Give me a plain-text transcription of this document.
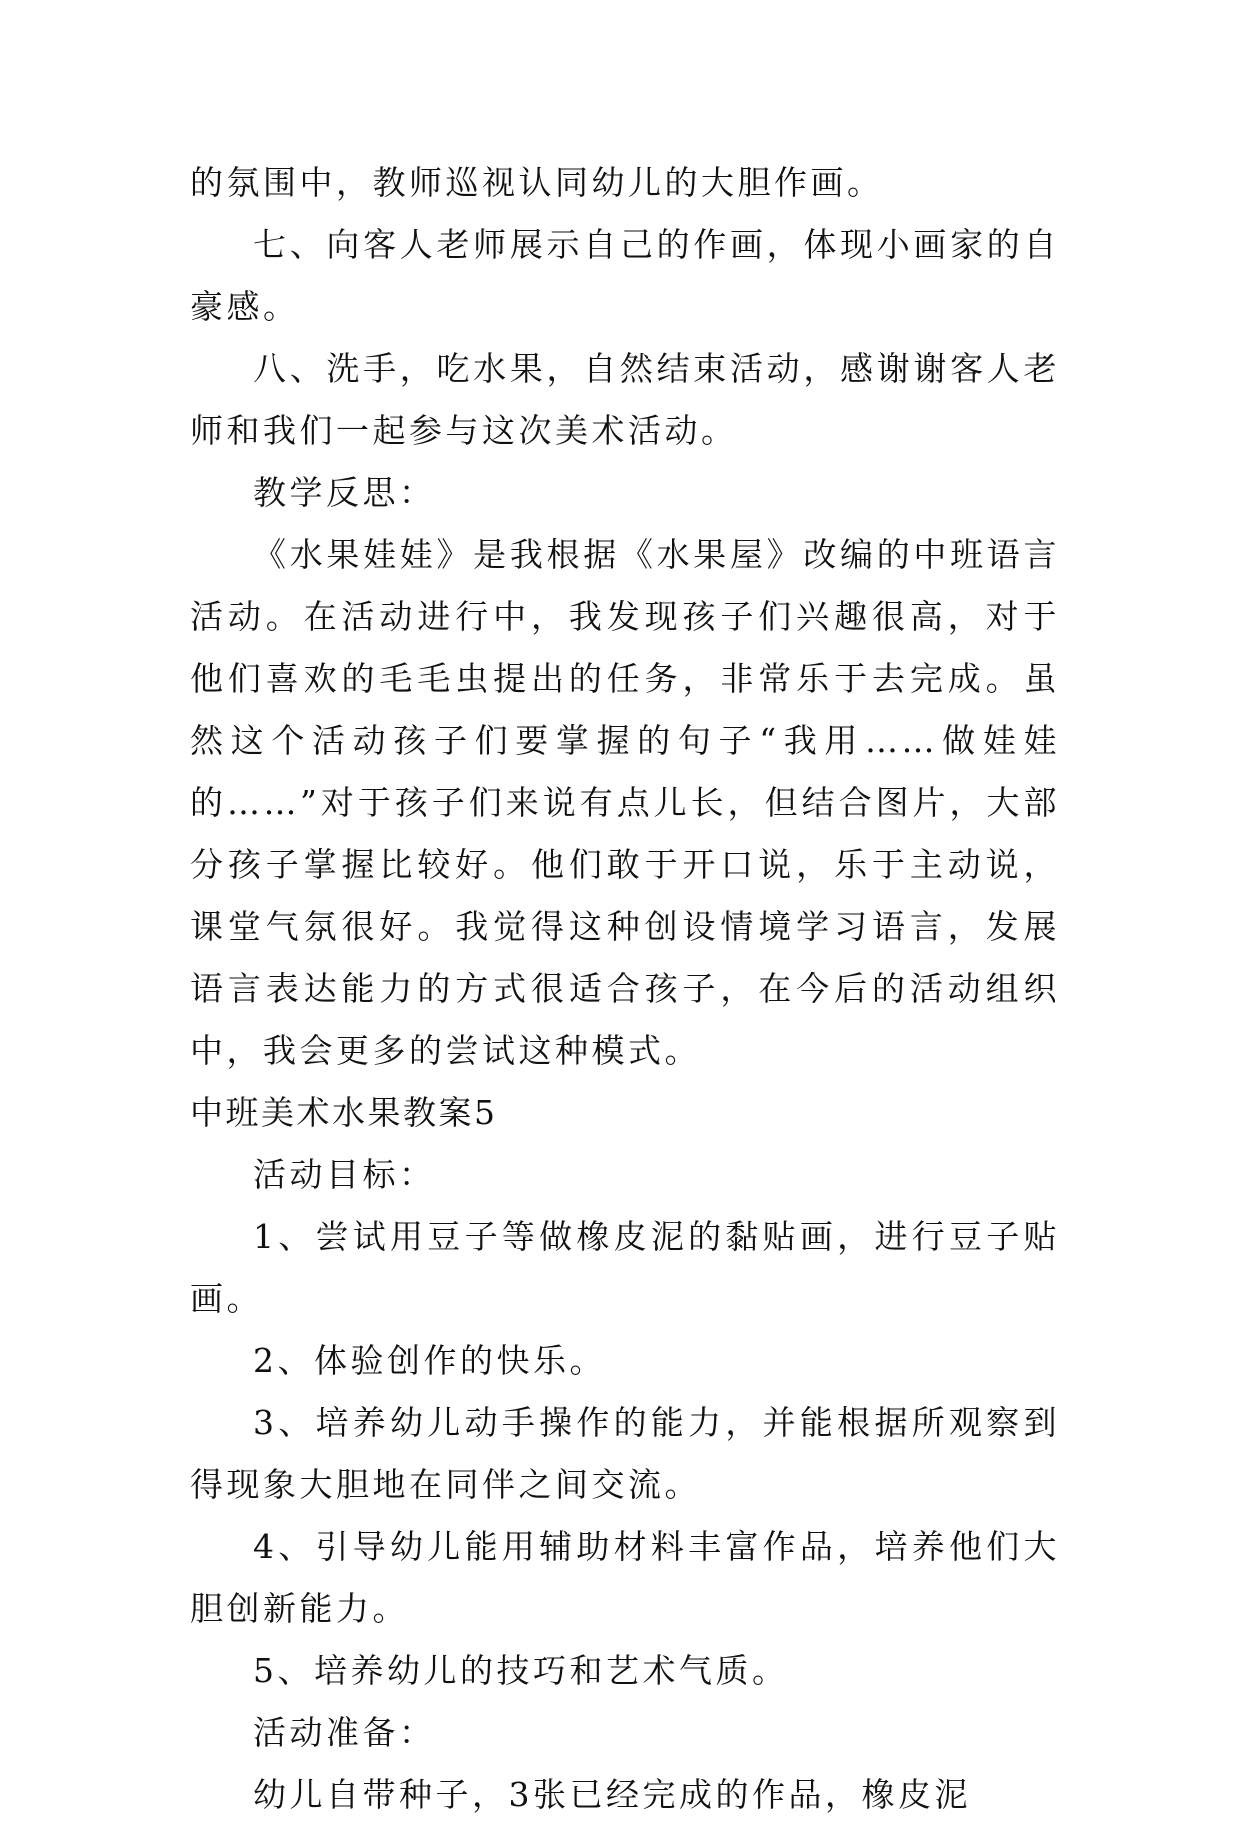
的氛围中，教师巡视认同幼儿的大胆作画。

七、向客人老师展示自己的作画，体现小画家的自豪感。

八、洗手，吃水果，自然结束活动，感谢谢客人老师和我们一起参与这次美术活动。

教学反思：

《水果娃娃》是我根据《水果屋》改编的中班语言活动。在活动进行中，我发现孩子们兴趣很高，对于他们喜欢的毛毛虫提出的任务，非常乐于去完成。虽然这个活动孩子们要掌握的句子“我用……做娃娃的……”对于孩子们来说有点儿长，但结合图片，大部分孩子掌握比较好。他们敢于开口说，乐于主动说，课堂气氛很好。我觉得这种创设情境学习语言，发展语言表达能力的方式很适合孩子，在今后的活动组织中，我会更多的尝试这种模式。

中班美术水果教案5

活动目标：

1、尝试用豆子等做橡皮泥的黏贴画，进行豆子贴画。

2、体验创作的快乐。

3、培养幼儿动手操作的能力，并能根据所观察到得现象大胆地在同伴之间交流。

4、引导幼儿能用辅助材料丰富作品，培养他们大胆创新能力。

5、培养幼儿的技巧和艺术气质。

活动准备：

幼儿自带种子，3张已经完成的作品，橡皮泥
